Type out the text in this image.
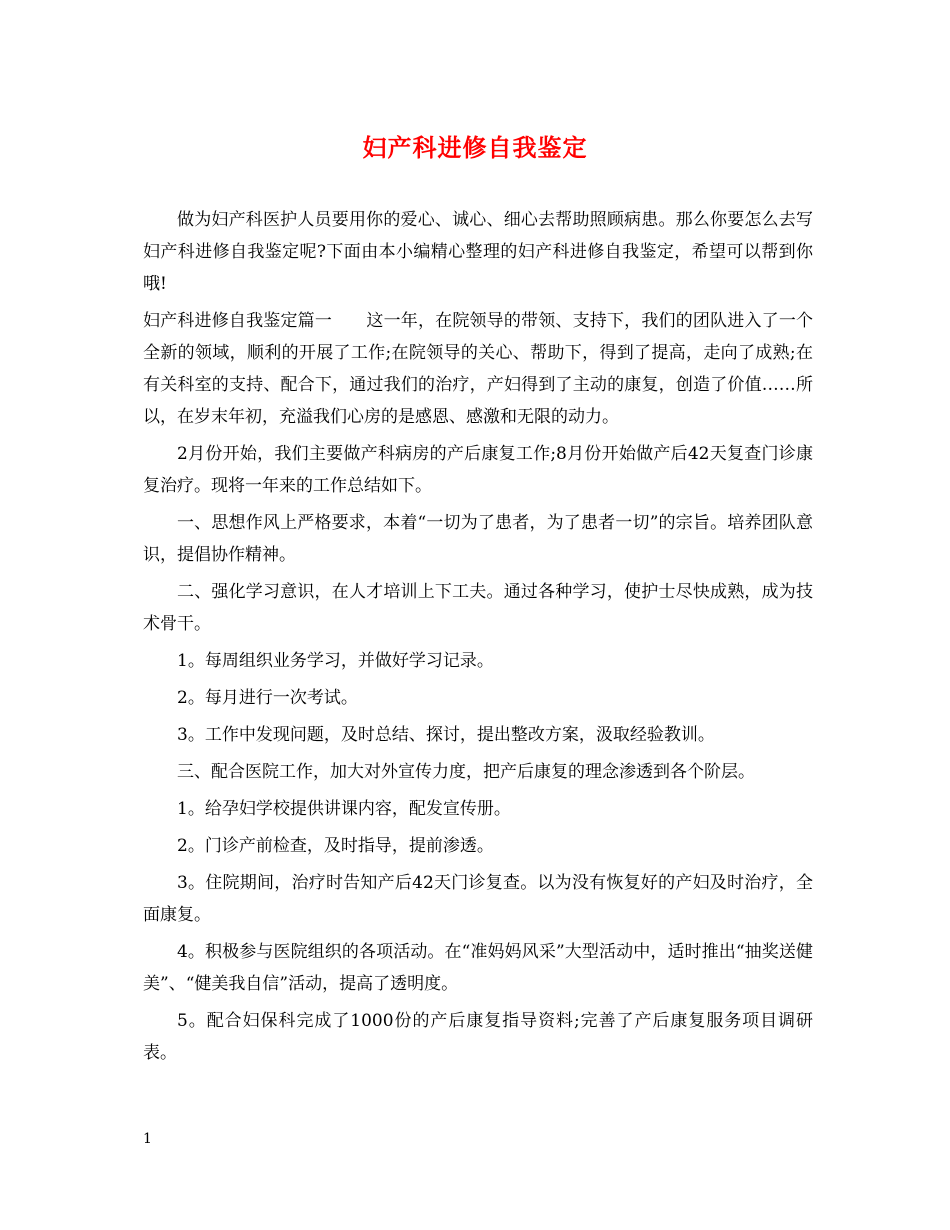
妇产科进修自我鉴定

做为妇产科医护人员要用你的爱心、诚心、细心去帮助照顾病患。那么你要怎么去写妇产科进修自我鉴定呢?下面由本小编精心整理的妇产科进修自我鉴定，希望可以帮到你哦!

妇产科进修自我鉴定篇一　　这一年，在院领导的带领、支持下，我们的团队进入了一个全新的领域，顺利的开展了工作;在院领导的关心、帮助下，得到了提高，走向了成熟;在有关科室的支持、配合下，通过我们的治疗，产妇得到了主动的康复，创造了价值……所以，在岁末年初，充溢我们心房的是感恩、感激和无限的动力。

2月份开始，我们主要做产科病房的产后康复工作;8月份开始做产后42天复查门诊康复治疗。现将一年来的工作总结如下。

一、思想作风上严格要求，本着“一切为了患者，为了患者一切”的宗旨。培养团队意识，提倡协作精神。

二、强化学习意识，在人才培训上下工夫。通过各种学习，使护士尽快成熟，成为技术骨干。

1。每周组织业务学习，并做好学习记录。

2。每月进行一次考试。

3。工作中发现问题，及时总结、探讨，提出整改方案，汲取经验教训。

三、配合医院工作，加大对外宣传力度，把产后康复的理念渗透到各个阶层。

1。给孕妇学校提供讲课内容，配发宣传册。

2。门诊产前检查，及时指导，提前渗透。

3。住院期间，治疗时告知产后42天门诊复查。以为没有恢复好的产妇及时治疗，全面康复。

4。积极参与医院组织的各项活动。在“准妈妈风采”大型活动中，适时推出“抽奖送健美”、“健美我自信”活动，提高了透明度。

5。配合妇保科完成了1000份的产后康复指导资料;完善了产后康复服务项目调研表。

1
